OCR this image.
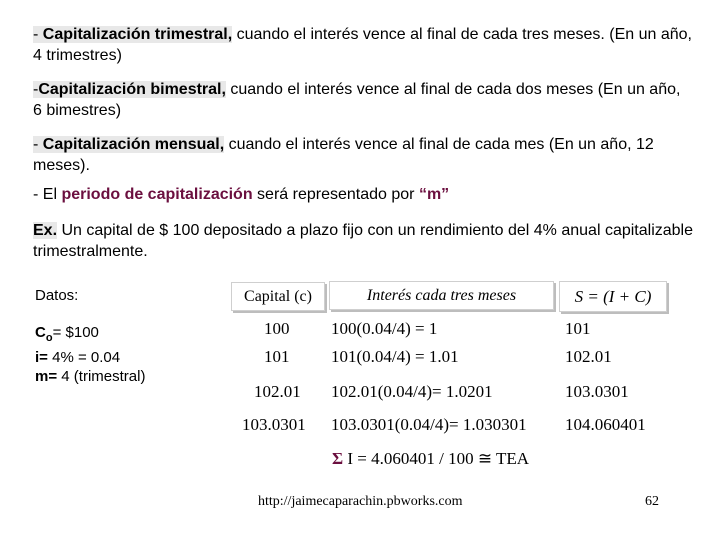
- Capitalización trimestral, cuando el interés vence al final de cada tres meses. (En un año, 4 trimestres)
-Capitalización bimestral, cuando el interés vence al final de cada dos meses (En un año, 6 bimestres)
- Capitalización mensual, cuando el interés vence al final de cada mes (En un año, 12 meses).
- El periodo de capitalización será representado por “m”
Ex. Un capital de $ 100 depositado a plazo fijo con un rendimiento del 4% anual capitalizable trimestralmente.
Datos:
$C_o=$ $100
i= 4% = 0.04
m= 4 (trimestral)
Capital (c)	Interés cada tres meses	S = (I + C)
100 100(0.04/4) = 1	101
101 101(0.04/4) = 1.01	102.01
102.01 102.01(0.04/4)= 1.0201	103.0301
103.0301 103.0301(0.04/4)= 1.030301 104.060401
Σ I = 4.060401 / 100 ≅ TEA
http://jaimecaparachin.pbworks.com	62
